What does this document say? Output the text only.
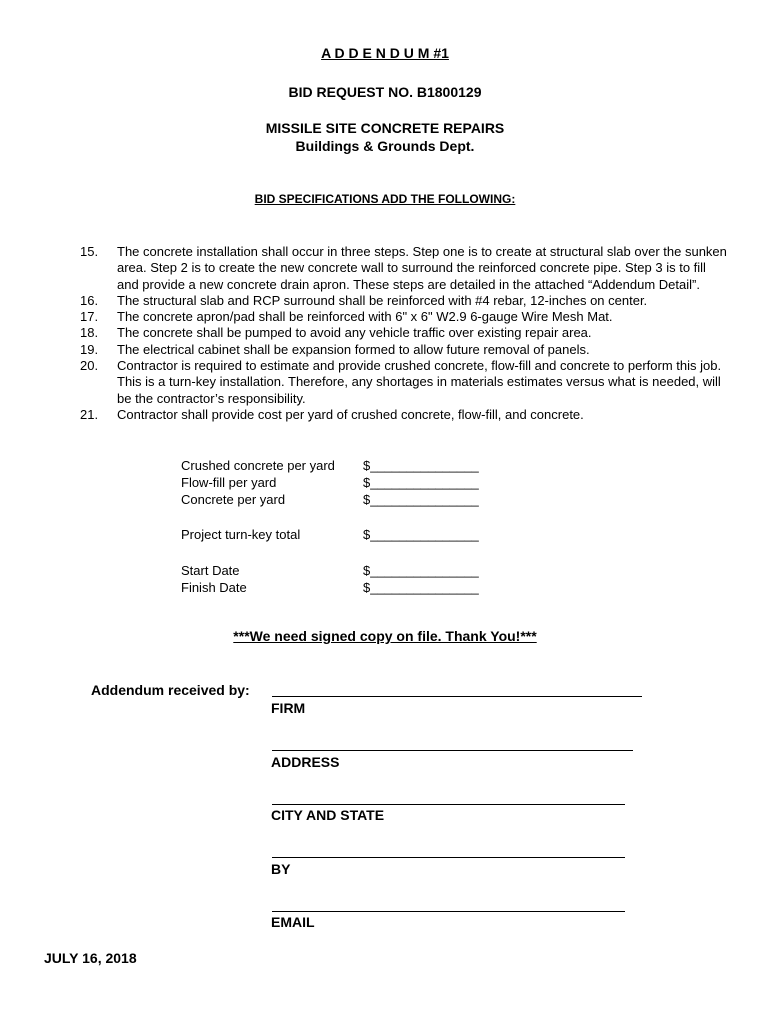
A D D E N D U M #1
BID REQUEST NO. B1800129
MISSILE SITE CONCRETE REPAIRS
Buildings & Grounds Dept.
BID SPECIFICATIONS ADD THE FOLLOWING:
15.	The concrete installation shall occur in three steps. Step one is to create at structural slab over the sunken area. Step 2 is to create the new concrete wall to surround the reinforced concrete pipe. Step 3 is to fill and provide a new concrete drain apron. These steps are detailed in the attached “Addendum Detail”.
16.	The structural slab and RCP surround shall be reinforced with #4 rebar, 12-inches on center.
17.	The concrete apron/pad shall be reinforced with 6" x 6" W2.9 6-gauge Wire Mesh Mat.
18.	The concrete shall be pumped to avoid any vehicle traffic over existing repair area.
19.	The electrical cabinet shall be expansion formed to allow future removal of panels.
20.	Contractor is required to estimate and provide crushed concrete, flow-fill and concrete to perform this job. This is a turn-key installation. Therefore, any shortages in materials estimates versus what is needed, will be the contractor’s responsibility.
21.	Contractor shall provide cost per yard of crushed concrete, flow-fill, and concrete.
Crushed concrete per yard	$_______________
Flow-fill per yard	$_______________
Concrete per yard	$_______________
Project turn-key total	$_______________
Start Date	$_______________
Finish Date	$_______________
***We need signed copy on file. Thank You!***
Addendum received by:
FIRM
ADDRESS
CITY AND STATE
BY
EMAIL
JULY 16, 2018
